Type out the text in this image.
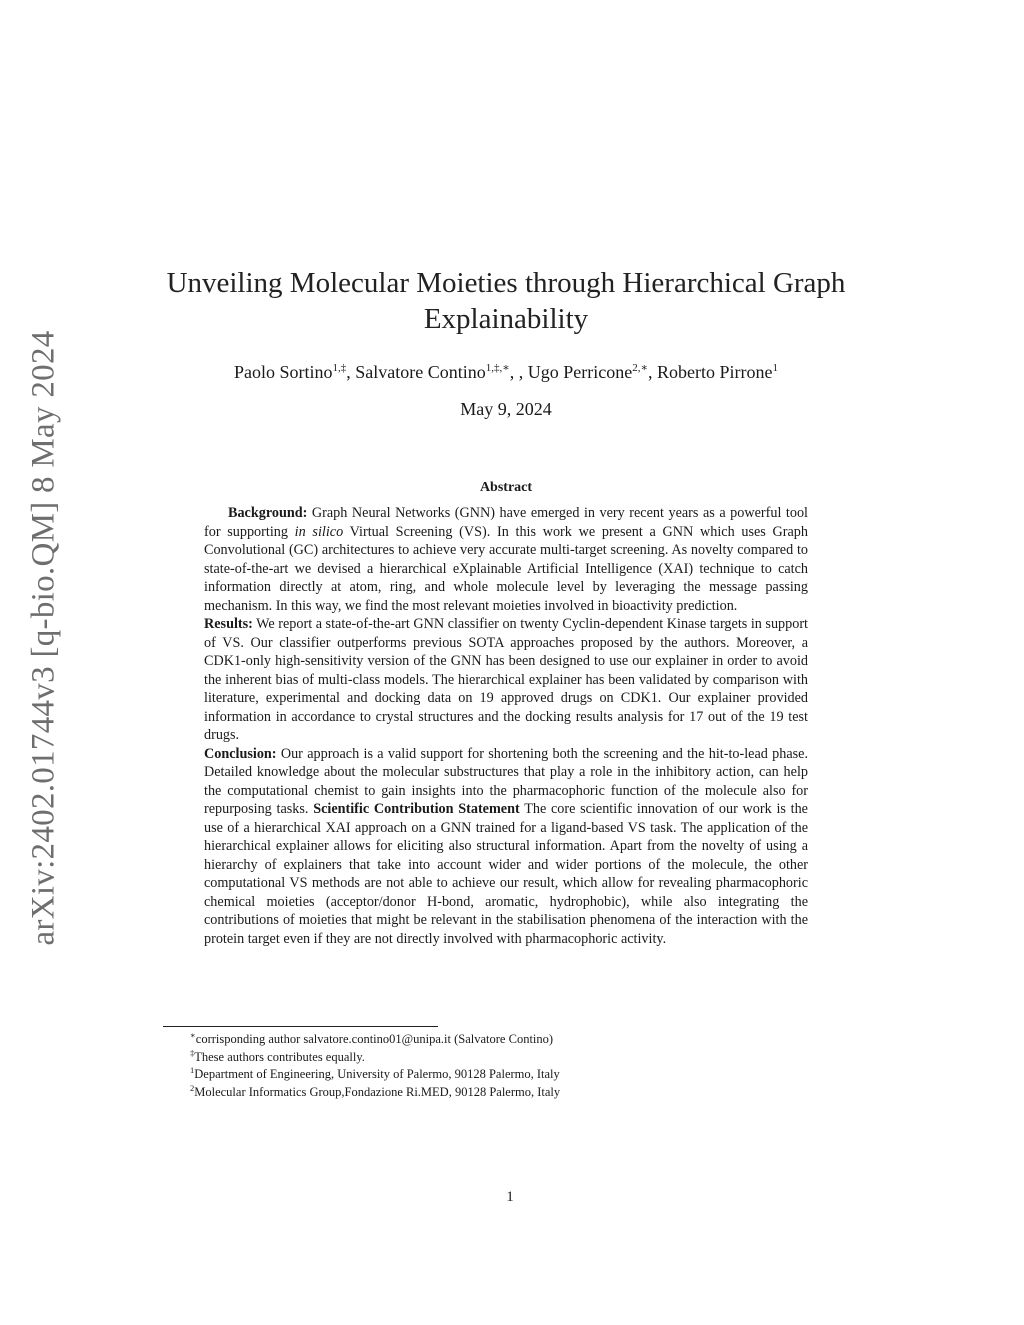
arXiv:2402.01744v3 [q-bio.QM] 8 May 2024
Unveiling Molecular Moieties through Hierarchical Graph Explainability
Paolo Sortino$^{1,\ddagger}$, Salvatore Contino$^{1,\ddagger,∗}$, , Ugo Perricone$^{2,∗}$, Roberto Pirrone$^1$
May 9, 2024
Abstract

Background: Graph Neural Networks (GNN) have emerged in very recent years as a powerful tool for supporting in silico Virtual Screening (VS). In this work we present a GNN which uses Graph Convolutional (GC) architectures to achieve very accurate multi-target screening. As novelty compared to state-of-the-art we devised a hierarchical eXplainable Artificial Intelligence (XAI) technique to catch information directly at atom, ring, and whole molecule level by leveraging the message passing mechanism. In this way, we find the most relevant moieties involved in bioactivity prediction.

Results: We report a state-of-the-art GNN classifier on twenty Cyclin-dependent Kinase targets in support of VS. Our classifier outperforms previous SOTA approaches proposed by the authors. Moreover, a CDK1-only high-sensitivity version of the GNN has been designed to use our explainer in order to avoid the inherent bias of multi-class models. The hierarchical explainer has been validated by comparison with literature, experimental and docking data on 19 approved drugs on CDK1. Our explainer provided information in accordance to crystal structures and the docking results analysis for 17 out of the 19 test drugs.

Conclusion: Our approach is a valid support for shortening both the screening and the hit-to-lead phase. Detailed knowledge about the molecular substructures that play a role in the inhibitory action, can help the computational chemist to gain insights into the pharmacophoric function of the molecule also for repurposing tasks. Scientific Contribution Statement The core scientific innovation of our work is the use of a hierarchical XAI approach on a GNN trained for a ligand-based VS task. The application of the hierarchical explainer allows for eliciting also structural information. Apart from the novelty of using a hierarchy of explainers that take into account wider and wider portions of the molecule, the other computational VS methods are not able to achieve our result, which allow for revealing pharmacophoric chemical moieties (acceptor/donor H-bond, aromatic, hydrophobic), while also integrating the contributions of moieties that might be relevant in the stabilisation phenomena of the interaction with the protein target even if they are not directly involved with pharmacophoric activity.

∗corrisponding author salvatore.contino01@unipa.it (Salvatore Contino)
‡These authors contributes equally.
$^1$Department of Engineering, University of Palermo, 90128 Palermo, Italy
$^2$Molecular Informatics Group,Fondazione Ri.MED, 90128 Palermo, Italy
1
